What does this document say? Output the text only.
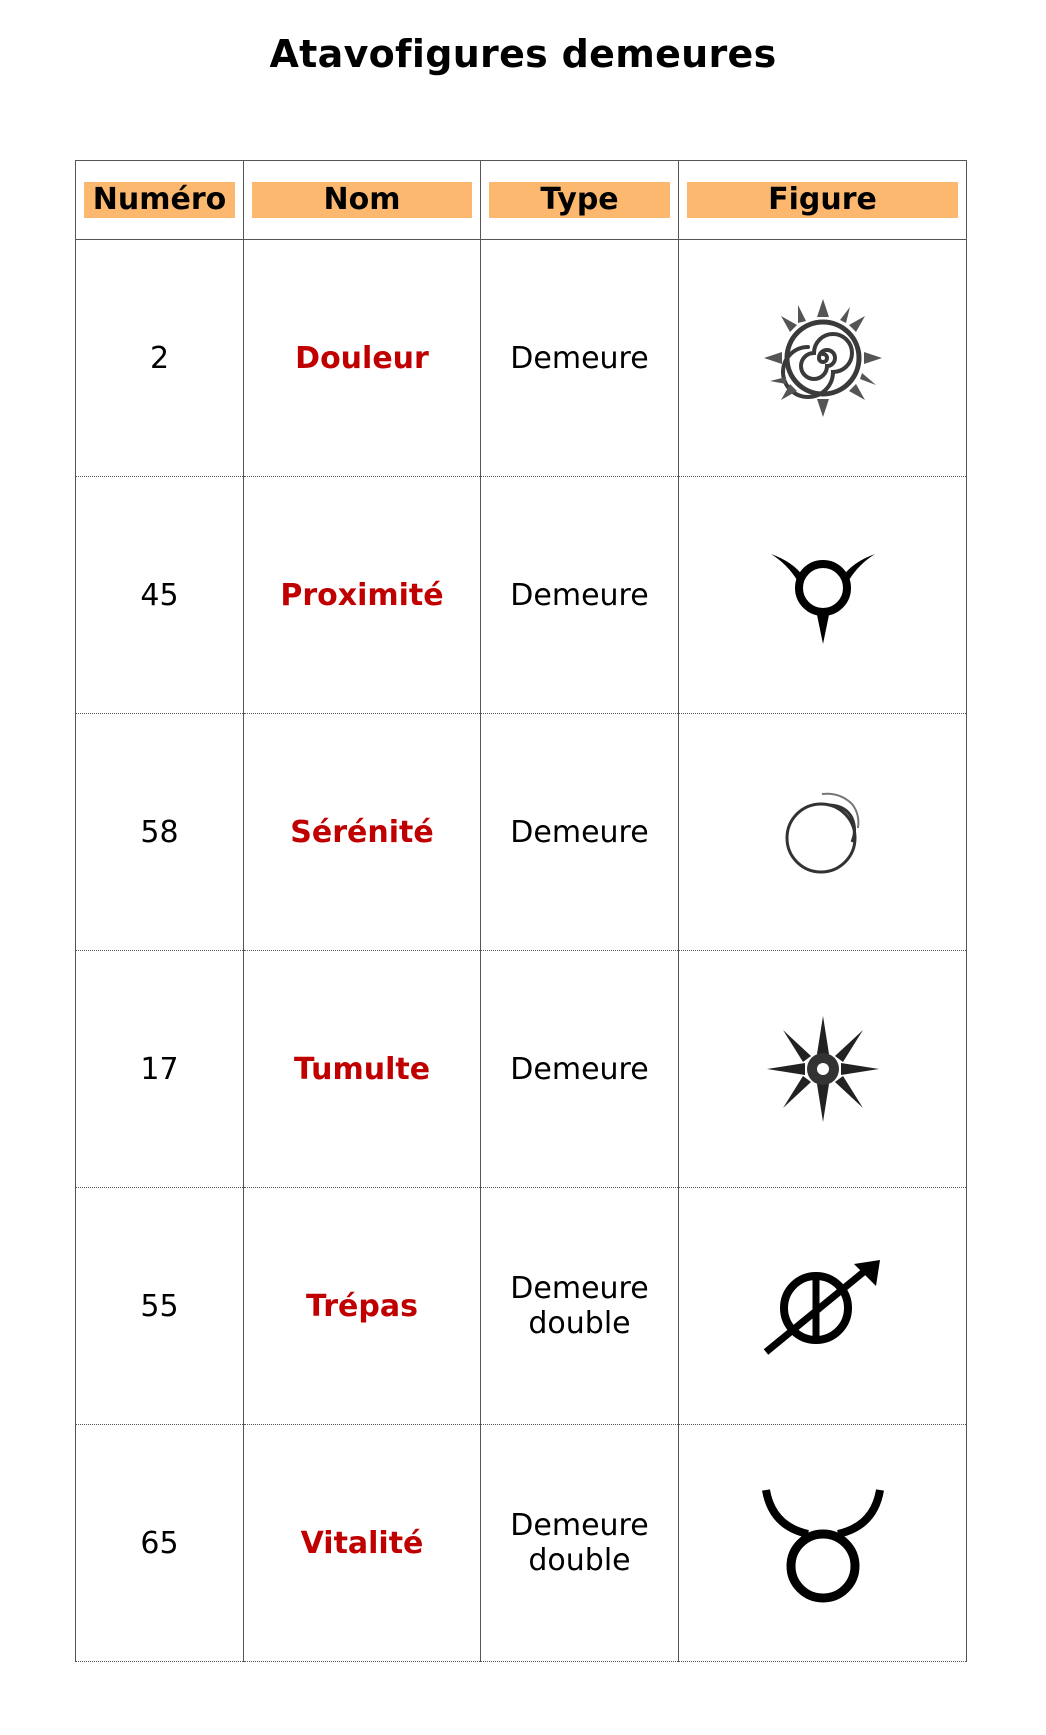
Atavofigures demeures
Numéro	Nom	Type	Figure

2	Douleur	Demeure	

45	Proximité	Demeure	

58	Sérénité	Demeure	

17	Tumulte	Demeure	

55	Trépas	Demeure double	

65	Vitalité	Demeure double	
